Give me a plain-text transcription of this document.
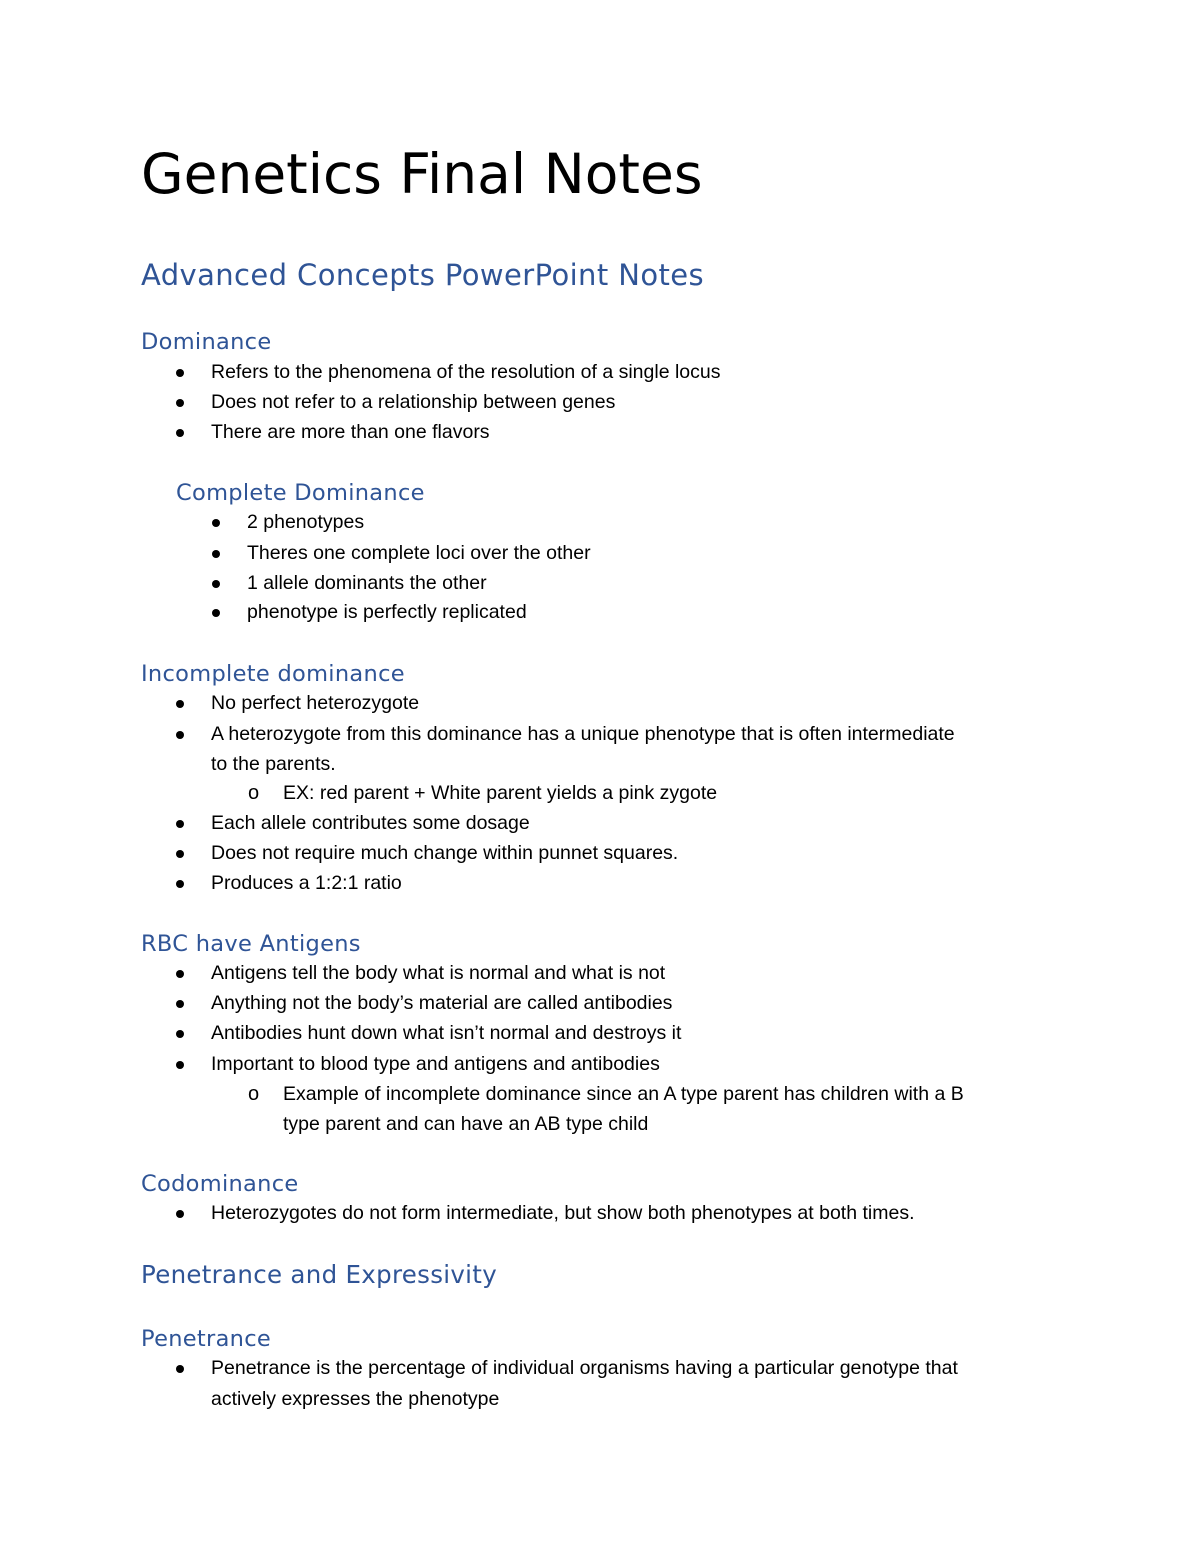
Genetics Final Notes
Advanced Concepts PowerPoint Notes
Dominance
Refers to the phenomena of the resolution of a single locus
Does not refer to a relationship between genes
There are more than one flavors
Complete Dominance
2 phenotypes
Theres one complete loci over the other
1 allele dominants the other
phenotype is perfectly replicated
Incomplete dominance
No perfect heterozygote
A heterozygote from this dominance has a unique phenotype that is often intermediate
to the parents.
o EX: red parent + White parent yields a pink zygote
Each allele contributes some dosage
Does not require much change within punnet squares.
Produces a 1:2:1 ratio
RBC have Antigens
Antigens tell the body what is normal and what is not
Anything not the body’s material are called antibodies
Antibodies hunt down what isn’t normal and destroys it
Important to blood type and antigens and antibodies
o Example of incomplete dominance since an A type parent has children with a B
type parent and can have an AB type child
Codominance
Heterozygotes do not form intermediate, but show both phenotypes at both times.
Penetrance and Expressivity
Penetrance
Penetrance is the percentage of individual organisms having a particular genotype that
actively expresses the phenotype
